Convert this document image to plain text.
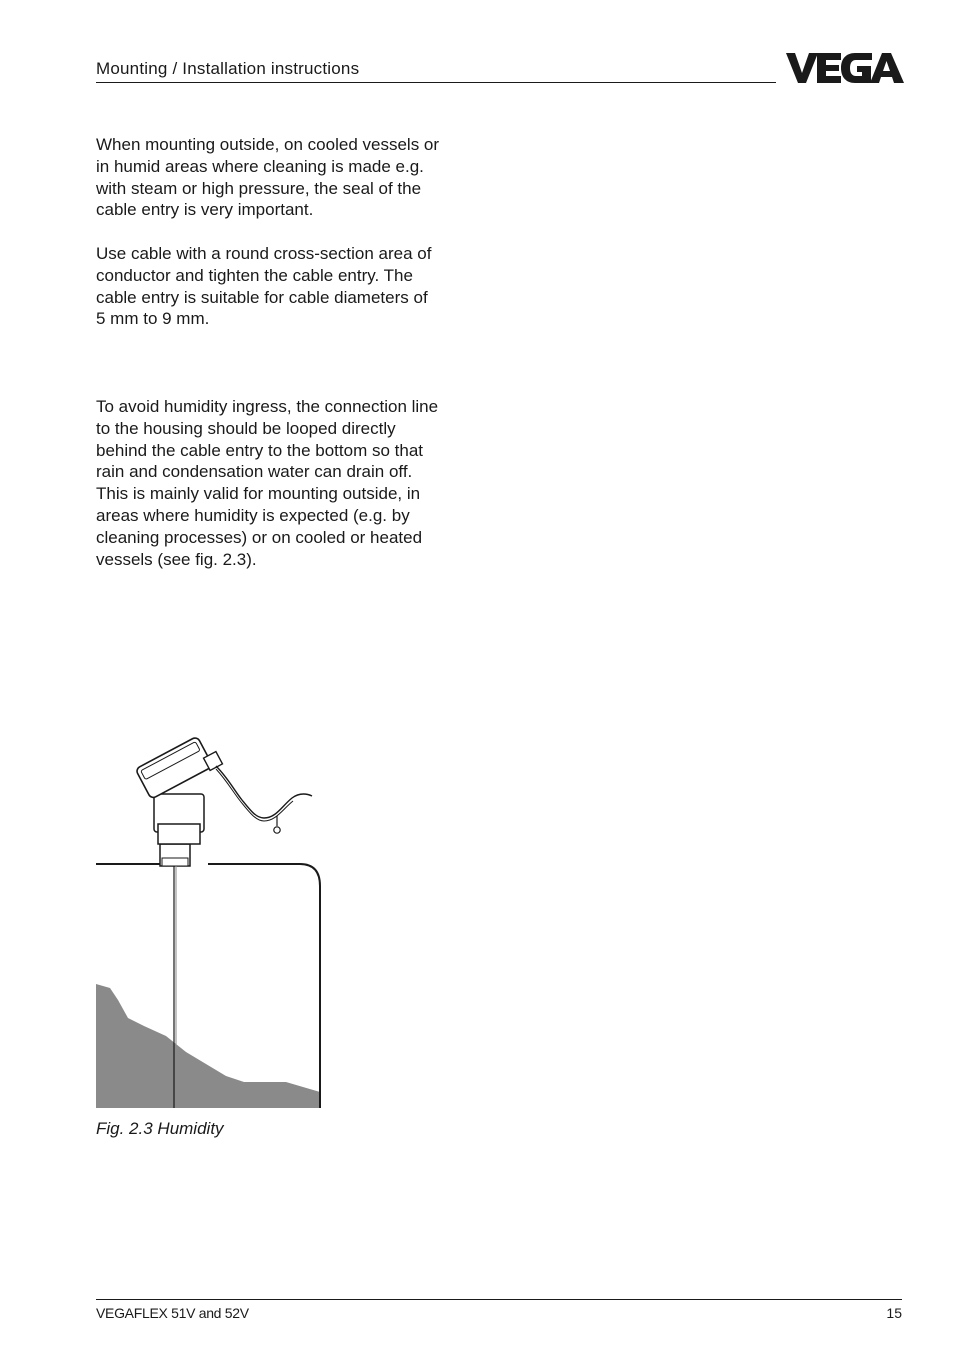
Mounting / Installation instructions

When mounting outside, on cooled vessels or
in humid areas where cleaning is made e.g.
with steam or high pressure, the seal of the
cable entry is very important.

Use cable with a round cross-section area of
conductor and tighten the cable entry. The
cable entry is suitable for cable diameters of
5 mm to 9 mm.

To avoid humidity ingress, the connection line
to the housing should be looped directly
behind the cable entry to the bottom so that
rain and condensation water can drain off.
This is mainly valid for mounting outside, in
areas where humidity is expected (e.g. by
cleaning processes) or on cooled or heated
vessels (see fig. 2.3).

Fig. 2.3 Humidity
VEGAFLEX 51V and 52V	15
